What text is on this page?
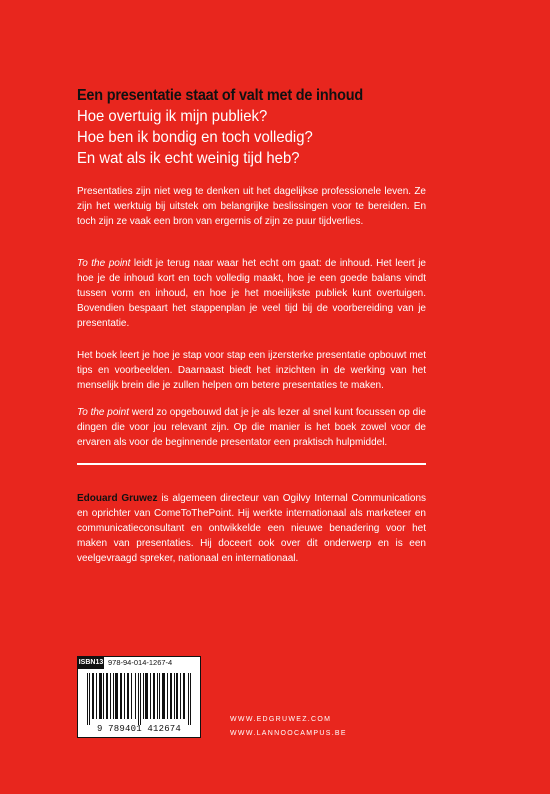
Een presentatie staat of valt met de inhoud
Hoe overtuig ik mijn publiek?
Hoe ben ik bondig en toch volledig?
En wat als ik echt weinig tijd heb?

Presentaties zijn niet weg te denken uit het dagelijkse professionele leven. Ze zijn het werktuig bij uitstek om belangrijke beslissingen voor te bereiden. En toch zijn ze vaak een bron van ergernis of zijn ze puur tijdverlies.

To the point leidt je terug naar waar het echt om gaat: de inhoud. Het leert je hoe je de inhoud kort en toch volledig maakt, hoe je een goede balans vindt tussen vorm en inhoud, en hoe je het moeilijkste publiek kunt overtuigen. Bovendien bespaart het stappenplan je veel tijd bij de voorbereiding van je presentatie.

Het boek leert je hoe je stap voor stap een ijzersterke presentatie opbouwt met tips en voorbeelden. Daarnaast biedt het inzichten in de werking van het menselijk brein die je zullen helpen om betere presentaties te maken.

To the point werd zo opgebouwd dat je je als lezer al snel kunt focussen op die dingen die voor jou relevant zijn. Op die manier is het boek zowel voor de ervaren als voor de beginnende presentator een praktisch hulpmiddel.

Edouard Gruwez is algemeen directeur van Ogilvy Internal Communications en oprichter van ComeToThePoint. Hij werkte internationaal als marketeer en communicatieconsultant en ontwikkelde een nieuwe benadering voor het maken van presentaties. Hij doceert ook over dit onderwerp en is een veelgevraagd spreker, nationaal en internationaal.
ISBN13 978-94-014-1267-4
9 789401 412674
WWW.EDGRUWEZ.COM
WWW.LANNOOCAMPUS.BE
